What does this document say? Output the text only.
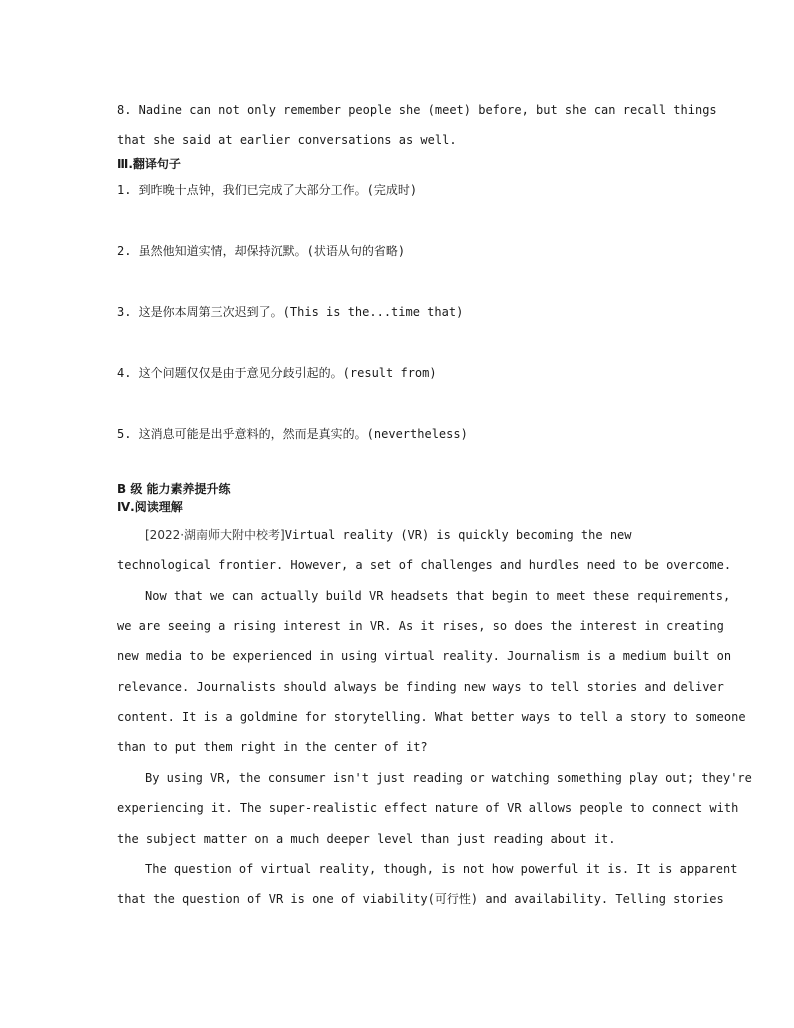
8. Nadine can not only remember people she (meet) before, but she can recall things
that she said at earlier conversations as well.
Ⅲ.翻译句子
1. 到昨晚十点钟，我们已完成了大部分工作。(完成时)
2. 虽然他知道实情，却保持沉默。(状语从句的省略)
3. 这是你本周第三次迟到了。(This is the...time that)
4. 这个问题仅仅是由于意见分歧引起的。(result from)
5. 这消息可能是出乎意料的，然而是真实的。(nevertheless)
B 级 能力素养提升练
Ⅳ.阅读理解
[2022·湖南师大附中校考]Virtual reality (VR) is quickly becoming the new
technological frontier. However, a set of challenges and hurdles need to be overcome.
Now that we can actually build VR headsets that begin to meet these requirements,
we are seeing a rising interest in VR. As it rises, so does the interest in creating
new media to be experienced in using virtual reality. Journalism is a medium built on
relevance. Journalists should always be finding new ways to tell stories and deliver
content. It is a goldmine for storytelling. What better ways to tell a story to someone
than to put them right in the center of it?
By using VR, the consumer isn't just reading or watching something play out; they're
experiencing it. The super-realistic effect nature of VR allows people to connect with
the subject matter on a much deeper level than just reading about it.
The question of virtual reality, though, is not how powerful it is. It is apparent
that the question of VR is one of viability(可行性) and availability. Telling stories
